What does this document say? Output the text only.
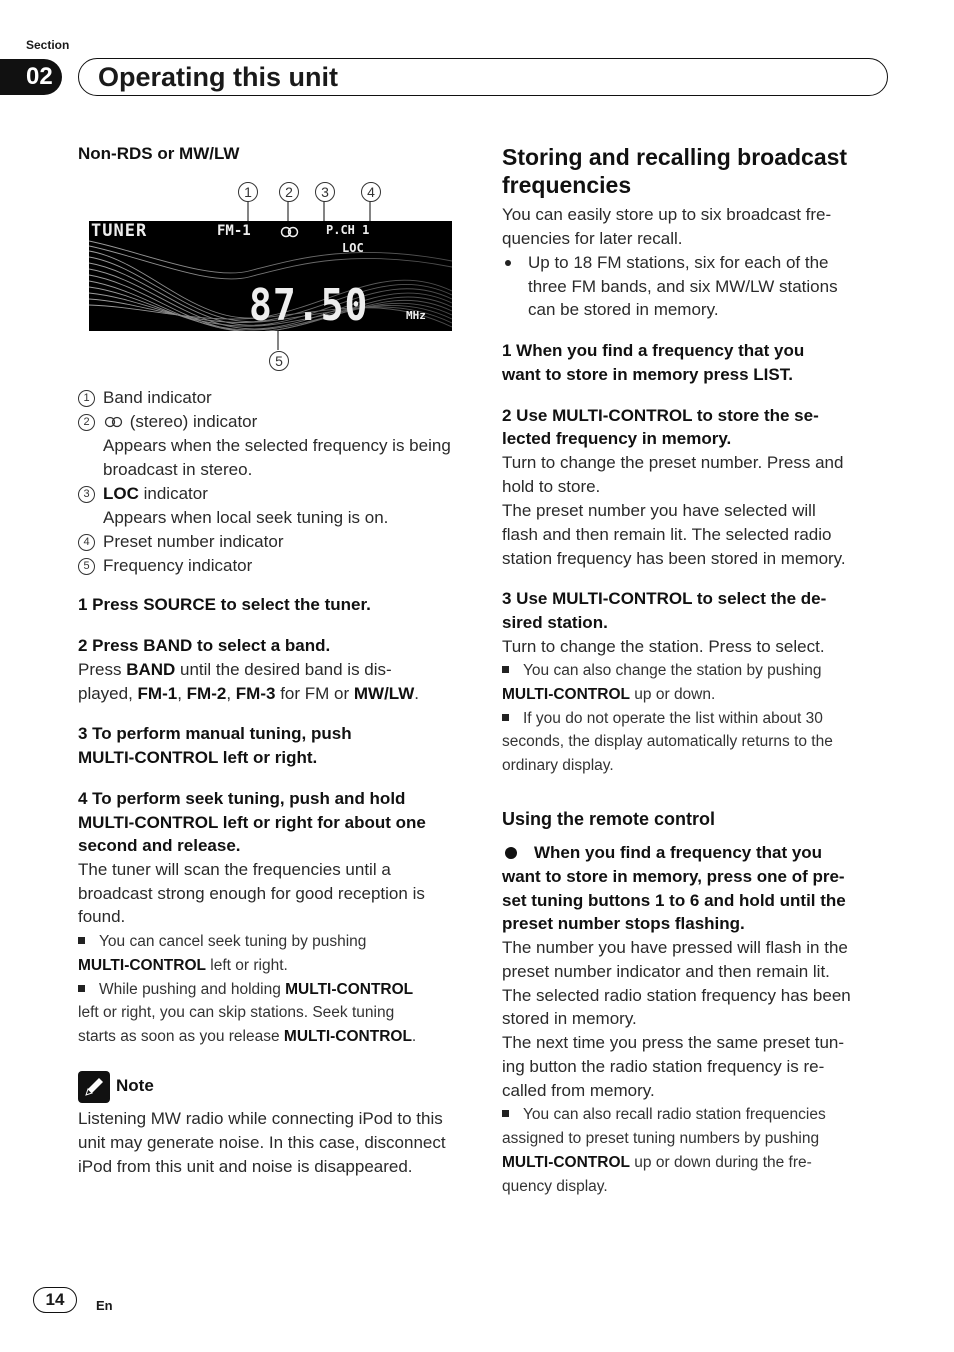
Section
02	Operating this unit
Non-RDS or MW/LW
1	2	3	4
5
TUNER	FM-1	P.CH 1
LOC
87.50	MHz
1 Band indicator
2	(stereo) indicator
Appears when the selected frequency is being broadcast in stereo.
3 LOC indicator
Appears when local seek tuning is on.
4 Preset number indicator
5 Frequency indicator
1 Press SOURCE to select the tuner.
2 Press BAND to select a band.
Press BAND until the desired band is dis-
played, FM-1, FM-2, FM-3 for FM or MW/LW.
3 To perform manual tuning, push
MULTI-CONTROL left or right.
4 To perform seek tuning, push and hold
MULTI-CONTROL left or right for about one
second and release.
The tuner will scan the frequencies until a
broadcast strong enough for good reception is
found.
You can cancel seek tuning by pushing
MULTI-CONTROL left or right.
While pushing and holding MULTI-CONTROL
left or right, you can skip stations. Seek tuning
starts as soon as you release MULTI-CONTROL.
Note
Listening MW radio while connecting iPod to this
unit may generate noise. In this case, disconnect
iPod from this unit and noise is disappeared.
Storing and recalling broadcast
frequencies
You can easily store up to six broadcast fre-
quencies for later recall.
Up to 18 FM stations, six for each of the
three FM bands, and six MW/LW stations
can be stored in memory.
1 When you find a frequency that you
want to store in memory press LIST.
2 Use MULTI-CONTROL to store the se-
lected frequency in memory.
Turn to change the preset number. Press and
hold to store.
The preset number you have selected will
flash and then remain lit. The selected radio
station frequency has been stored in memory.
3 Use MULTI-CONTROL to select the de-
sired station.
Turn to change the station. Press to select.
You can also change the station by pushing
MULTI-CONTROL up or down.
If you do not operate the list within about 30
seconds, the display automatically returns to the
ordinary display.
Using the remote control
When you find a frequency that you
want to store in memory, press one of pre-
set tuning buttons 1 to 6 and hold until the
preset number stops flashing.
The number you have pressed will flash in the
preset number indicator and then remain lit.
The selected radio station frequency has been
stored in memory.
The next time you press the same preset tun-
ing button the radio station frequency is re-
called from memory.
You can also recall radio station frequencies
assigned to preset tuning numbers by pushing
MULTI-CONTROL up or down during the fre-
quency display.
14	En
